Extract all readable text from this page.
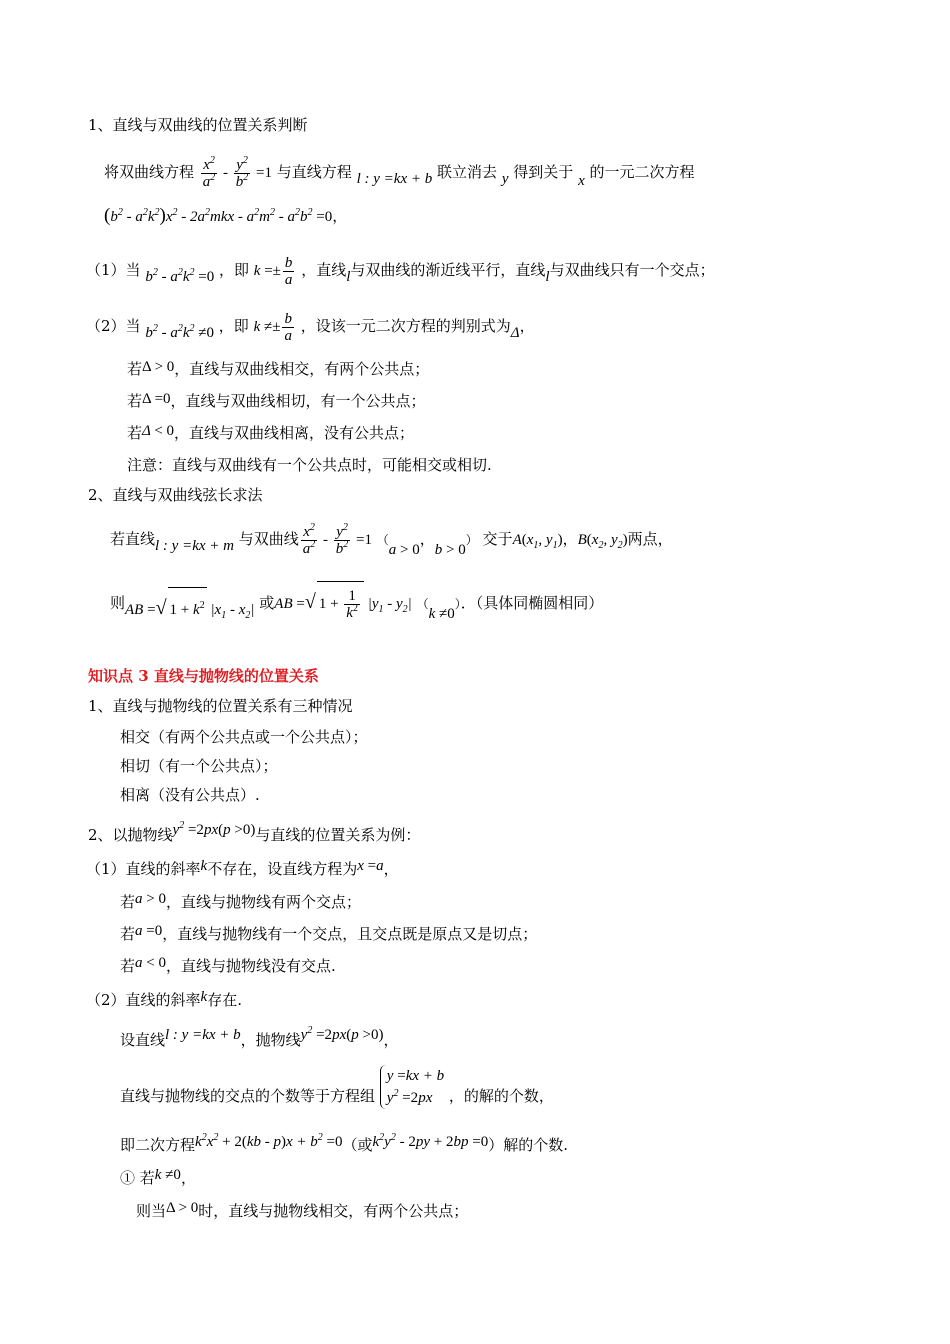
1、直线与双曲线的位置关系判断
将双曲线方程 $\frac{x^2}{a^2} - \frac{y^2}{b^2} =1$ 与直线方程 l : y =kx + b 联立消去 y 得到关于 x 的一元二次方程
$(b^2 - a^2k^2)x^2 - 2a^2mkx - a^2m^2 - a^2b^2 =0$，
（1）当 $b^2 - a^2k^2 =0$ ，即 $k =\pm \frac{b}{a}$ ，直线l与双曲线的渐近线平行，直线l与双曲线只有一个交点；
（2）当 $b^2 - a^2k^2 \ne 0$ ，即 $k \ne\pm \frac{b}{a}$ ，设该一元二次方程的判别式为Δ，
若Δ > 0，直线与双曲线相交，有两个公共点；
若Δ =0，直线与双曲线相切，有一个公共点；
若Δ < 0，直线与双曲线相离，没有公共点；
注意：直线与双曲线有一个公共点时，可能相交或相切.
2、直线与双曲线弦长求法
若直线l : y =kx + m 与双曲线 $\frac{x^2}{a^2} - \frac{y^2}{b^2} =1$ （a > 0，b > 0） 交于$A(x_1$, $y_1$)，$B(x_2$, $y_2$)两点，
则AB =√ $1 + k^2$ $|x_1 - x_2|$ 或AB =√ $1 + \frac{1}{k^2} |y_1 - y_2|$ （k ≠0）．（具体同椭圆相同）
知识点 3 直线与抛物线的位置关系
1、直线与抛物线的位置关系有三种情况
相交（有两个公共点或一个公共点）；
相切（有一个公共点）；
相离（没有公共点）.
2、以抛物线$y^2 =2px(p >0)$与直线的位置关系为例：
（1）直线的斜率k不存在，设直线方程为x =a，
若a > 0，直线与抛物线有两个交点；
若a =0，直线与抛物线有一个交点，且交点既是原点又是切点；
若a < 0，直线与抛物线没有交点.
（2）直线的斜率k存在.
设直线l : y =kx + b，抛物线$y^2 =2px(p >0)$，
直线与抛物线的交点的个数等于方程组
y =kx + b
$y^2 =2px$	，的解的个数，
即二次方程$k^2x^2 + 2(kb - p)x + b^2 =0$（或$k^2y^2 - 2py + 2bp =0$）解的个数.
① 若k ≠0，
则当Δ > 0时，直线与抛物线相交，有两个公共点；
